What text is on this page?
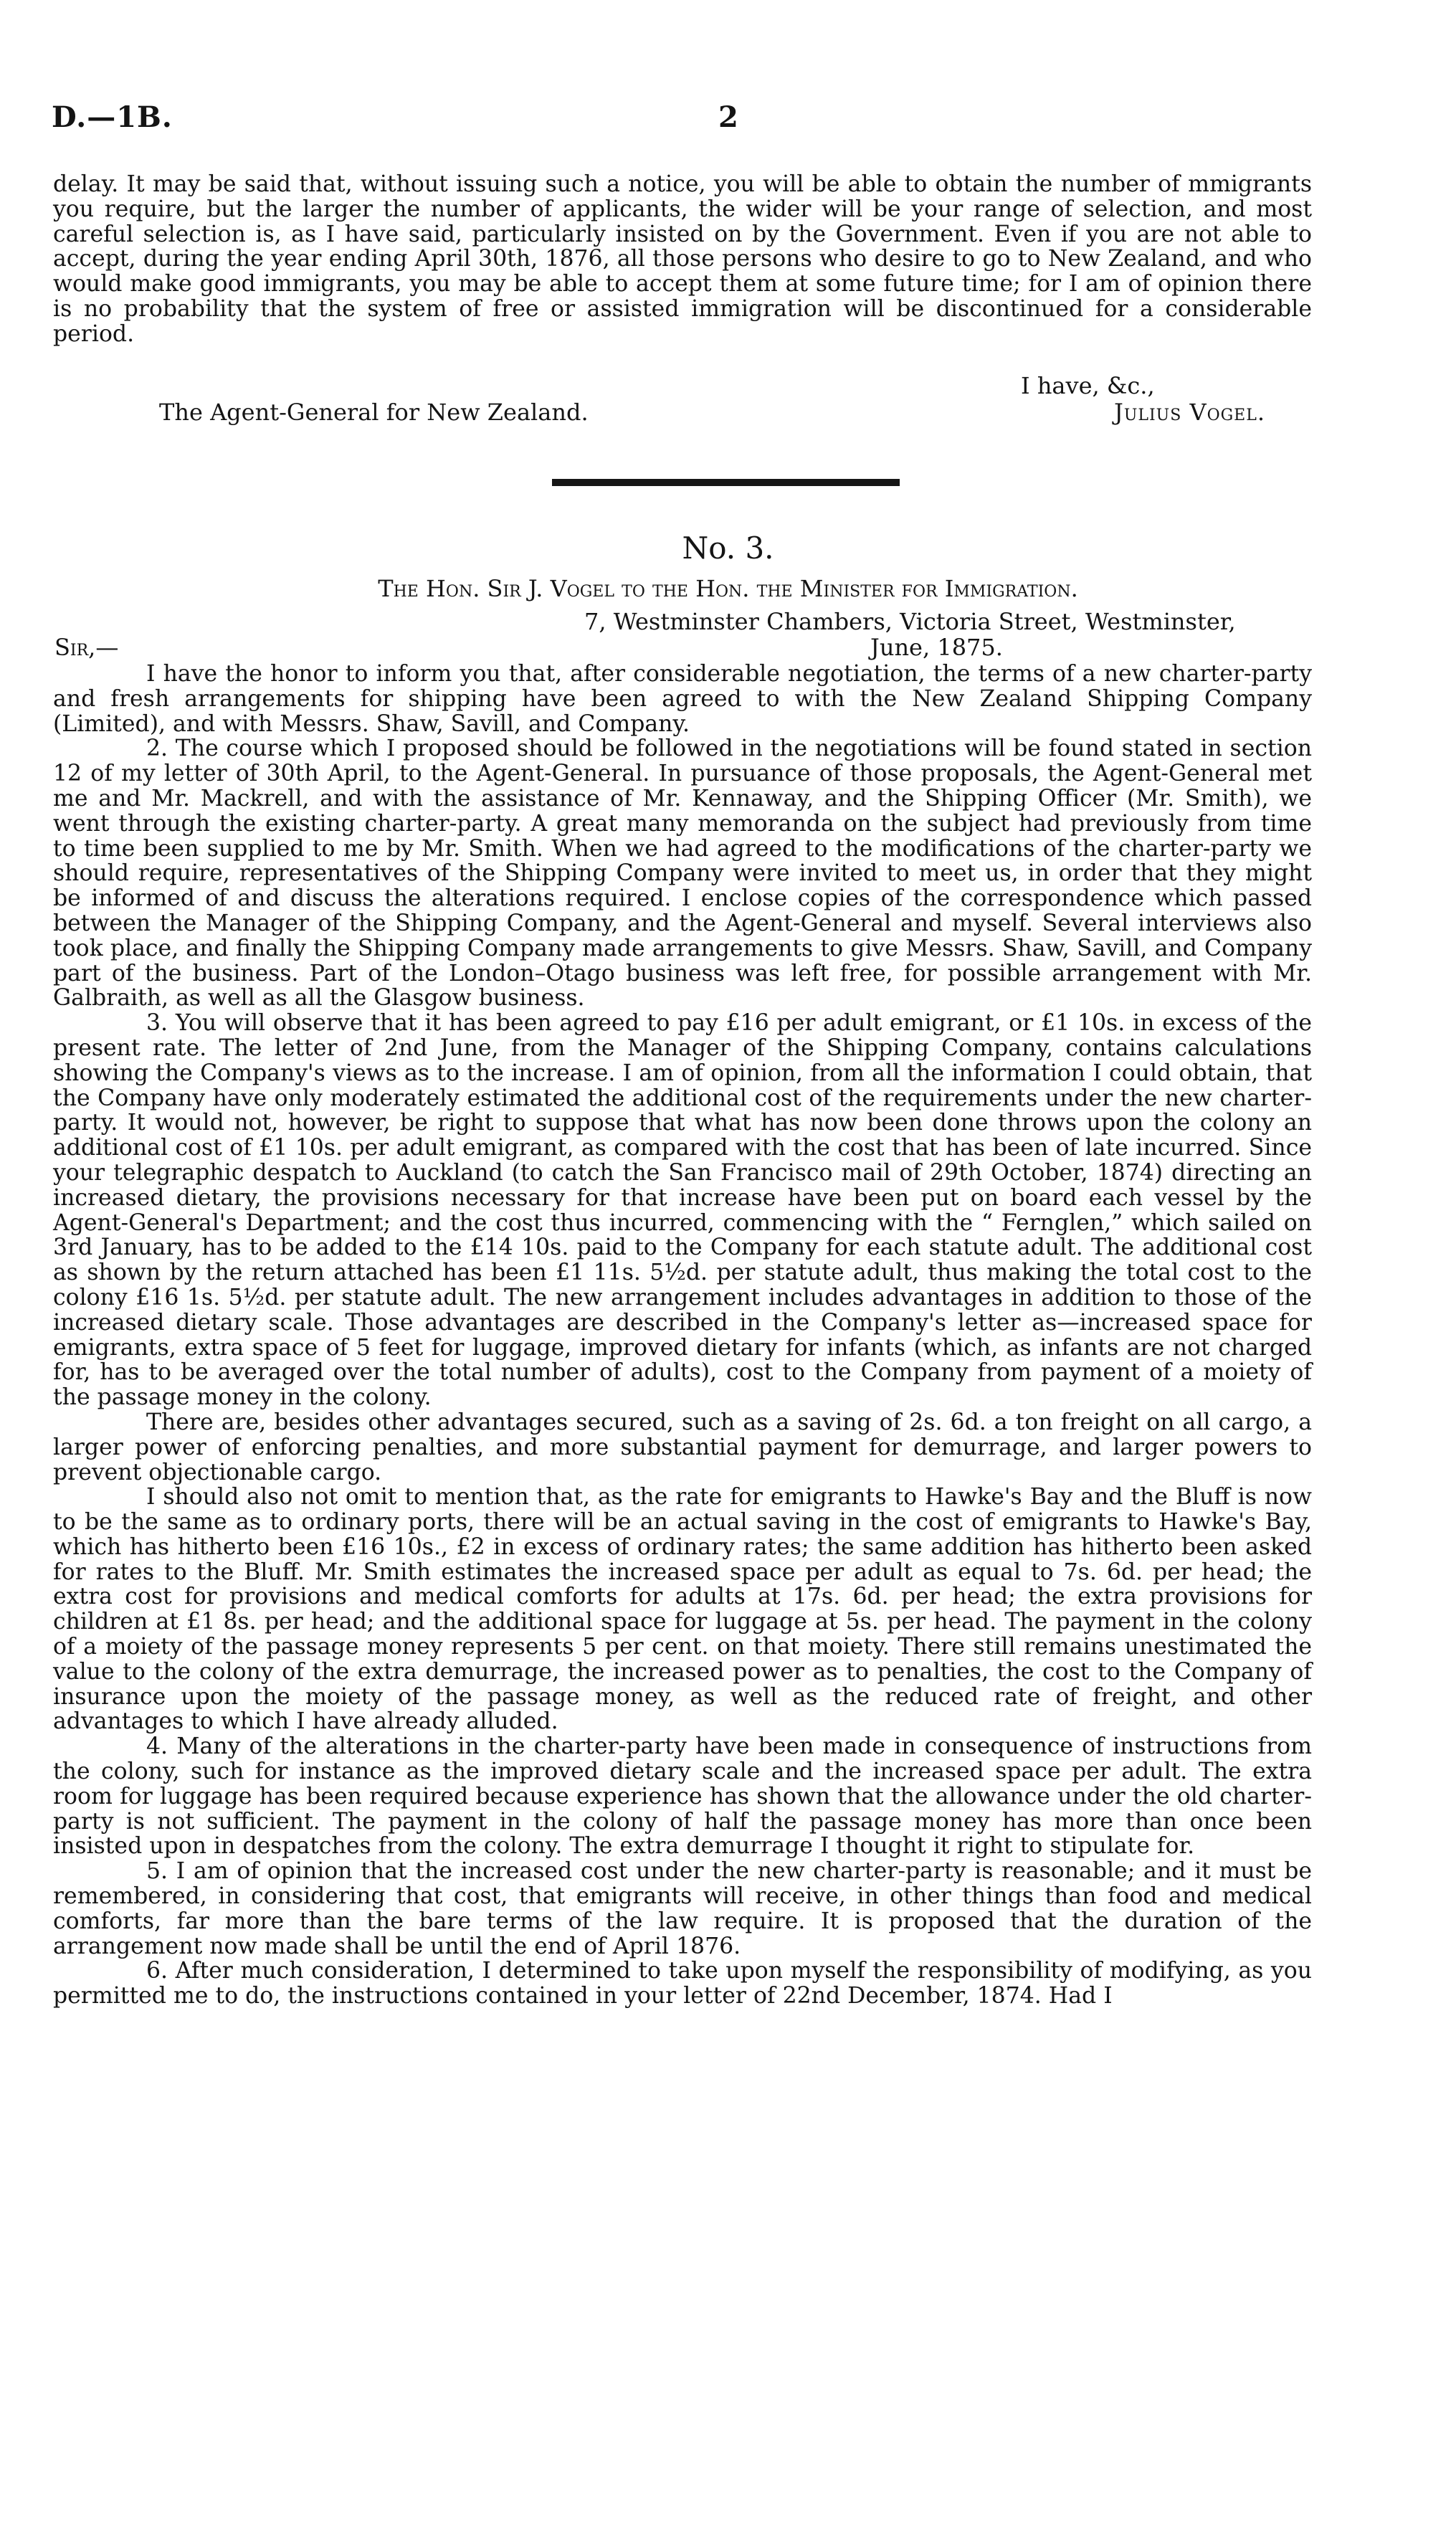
D.—1B.	2

delay. It may be said that, without issuing such a notice, you will be able to obtain the number of mmigrants you require, but the larger the number of applicants, the wider will be your range of selection, and most careful selection is, as I have said, particularly insisted on by the Government. Even if you are not able to accept, during the year ending April 30th, 1876, all those persons who desire to go to New Zealand, and who would make good immigrants, you may be able to accept them at some future time; for I am of opinion there is no probability that the system of free or assisted immigration will be discontinued for a considerable period.

I have, &c.,
The Agent-General for New Zealand.	Julius Vogel.
No. 3.
The Hon. Sir J. Vogel to the Hon. the Minister for Immigration.
7, Westminster Chambers, Victoria Street, Westminster,
Sir,—	June, 1875.

I have the honor to inform you that, after considerable negotiation, the terms of a new charter-party and fresh arrangements for shipping have been agreed to with the New Zealand Shipping Company (Limited), and with Messrs. Shaw, Savill, and Company.

2. The course which I proposed should be followed in the negotiations will be found stated in section 12 of my letter of 30th April, to the Agent-General. In pursuance of those proposals, the Agent-General met me and Mr. Mackrell, and with the assistance of Mr. Kennaway, and the Shipping Officer (Mr. Smith), we went through the existing charter-party. A great many memoranda on the subject had previously from time to time been supplied to me by Mr. Smith. When we had agreed to the modifications of the charter-party we should require, representatives of the Shipping Company were invited to meet us, in order that they might be informed of and discuss the alterations required. I enclose copies of the correspondence which passed between the Manager of the Shipping Company, and the Agent-General and myself. Several interviews also took place, and finally the Shipping Company made arrangements to give Messrs. Shaw, Savill, and Company part of the business. Part of the London–Otago business was left free, for possible arrangement with Mr. Galbraith, as well as all the Glasgow business.

3. You will observe that it has been agreed to pay £16 per adult emigrant, or £1 10s. in excess of the present rate. The letter of 2nd June, from the Manager of the Shipping Company, contains calculations showing the Company's views as to the increase. I am of opinion, from all the information I could obtain, that the Company have only moderately estimated the additional cost of the requirements under the new charter-party. It would not, however, be right to suppose that what has now been done throws upon the colony an additional cost of £1 10s. per adult emigrant, as compared with the cost that has been of late incurred. Since your telegraphic despatch to Auckland (to catch the San Francisco mail of 29th October, 1874) directing an increased dietary, the provisions necessary for that increase have been put on board each vessel by the Agent-General's Department; and the cost thus incurred, commencing with the “ Fernglen,” which sailed on 3rd January, has to be added to the £14 10s. paid to the Company for each statute adult. The additional cost as shown by the return attached has been £1 11s. 5½d. per statute adult, thus making the total cost to the colony £16 1s. 5½d. per statute adult. The new arrangement includes advantages in addition to those of the increased dietary scale. Those advantages are described in the Company's letter as—increased space for emigrants, extra space of 5 feet for luggage, improved dietary for infants (which, as infants are not charged for, has to be averaged over the total number of adults), cost to the Company from payment of a moiety of the passage money in the colony.

There are, besides other advantages secured, such as a saving of 2s. 6d. a ton freight on all cargo, a larger power of enforcing penalties, and more substantial payment for demurrage, and larger powers to prevent objectionable cargo.

I should also not omit to mention that, as the rate for emigrants to Hawke's Bay and the Bluff is now to be the same as to ordinary ports, there will be an actual saving in the cost of emigrants to Hawke's Bay, which has hitherto been £16 10s., £2 in excess of ordinary rates; the same addition has hitherto been asked for rates to the Bluff. Mr. Smith estimates the increased space per adult as equal to 7s. 6d. per head; the extra cost for provisions and medical comforts for adults at 17s. 6d. per head; the extra provisions for children at £1 8s. per head; and the additional space for luggage at 5s. per head. The payment in the colony of a moiety of the passage money represents 5 per cent. on that moiety. There still remains unestimated the value to the colony of the extra demurrage, the increased power as to penalties, the cost to the Company of insurance upon the moiety of the passage money, as well as the reduced rate of freight, and other advantages to which I have already alluded.

4. Many of the alterations in the charter-party have been made in consequence of instructions from the colony, such for instance as the improved dietary scale and the increased space per adult. The extra room for luggage has been required because experience has shown that the allowance under the old charter-party is not sufficient. The payment in the colony of half the passage money has more than once been insisted upon in despatches from the colony. The extra demurrage I thought it right to stipulate for.

5. I am of opinion that the increased cost under the new charter-party is reasonable; and it must be remembered, in considering that cost, that emigrants will receive, in other things than food and medical comforts, far more than the bare terms of the law require. It is proposed that the duration of the arrangement now made shall be until the end of April 1876.

6. After much consideration, I determined to take upon myself the responsibility of modifying, as you permitted me to do, the instructions contained in your letter of 22nd December, 1874. Had I
